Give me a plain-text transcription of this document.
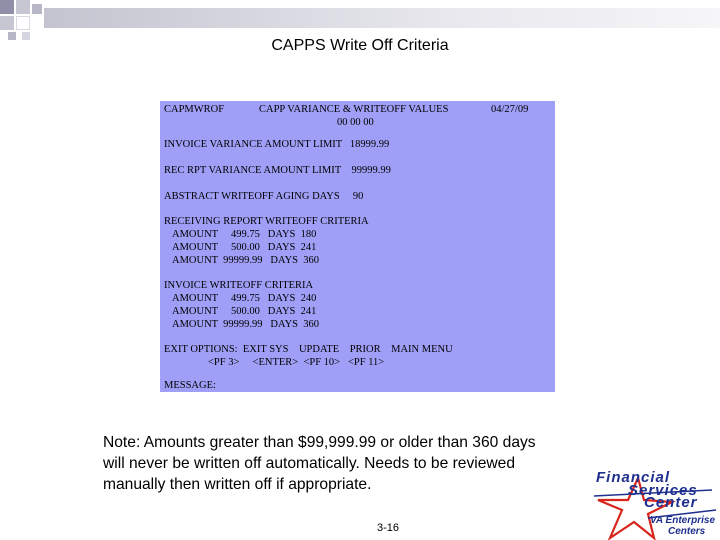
CAPPS Write Off Criteria
CAPMWROF	CAPP VARIANCE & WRITEOFF VALUES	04/27/09
00 00 00
INVOICE VARIANCE AMOUNT LIMIT   18999.99
REC RPT VARIANCE AMOUNT LIMIT    99999.99
ABSTRACT WRITEOFF AGING DAYS     90
RECEIVING REPORT WRITEOFF CRITERIA
AMOUNT     499.75   DAYS  180
AMOUNT     500.00   DAYS  241
AMOUNT  99999.99   DAYS  360
INVOICE WRITEOFF CRITERIA
AMOUNT     499.75   DAYS  240
AMOUNT     500.00   DAYS  241
AMOUNT  99999.99   DAYS  360
EXIT OPTIONS:  EXIT SYS    UPDATE    PRIOR    MAIN MENU
<PF 3>     <ENTER>  <PF 10>   <PF 11>
MESSAGE:

Note: Amounts greater than $99,999.99 or older than 360 days

will never be written off automatically. Needs to be reviewed

manually then written off if appropriate.

3-16
Financial
Services
Center
VA Enterprise
Centers
